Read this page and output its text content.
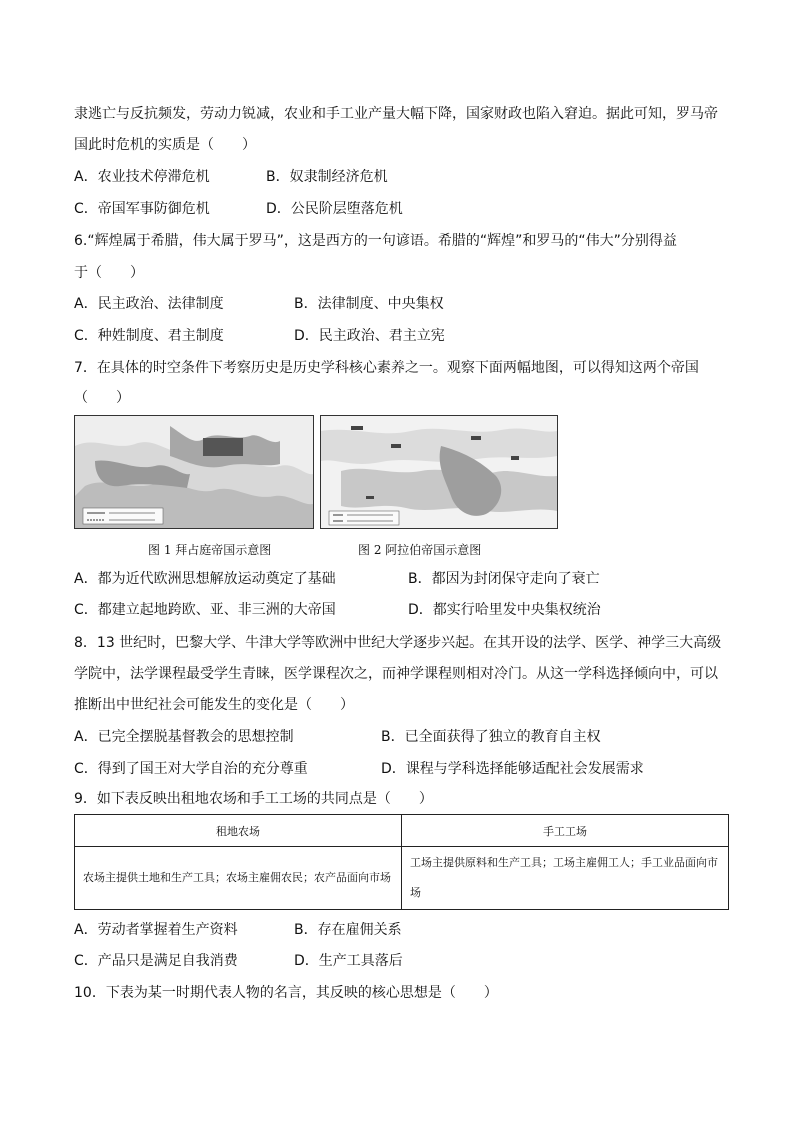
隶逃亡与反抗频发，劳动力锐减，农业和手工业产量大幅下降，国家财政也陷入窘迫。据此可知，罗马帝
国此时危机的实质是（　　）
A．农业技术停滞危机	B．奴隶制经济危机
C．帝国军事防御危机	D．公民阶层堕落危机
6.“辉煌属于希腊，伟大属于罗马”，这是西方的一句谚语。希腊的“辉煌”和罗马的“伟大”分别得益
于（　　）
A．民主政治、法律制度	B．法律制度、中央集权
C．种姓制度、君主制度	D．民主政治、君主立宪
7．在具体的时空条件下考察历史是历史学科核心素养之一。观察下面两幅地图，可以得知这两个帝国
（　　）
图 1 拜占庭帝国示意图	图 2 阿拉伯帝国示意图
A．都为近代欧洲思想解放运动奠定了基础	B．都因为封闭保守走向了衰亡
C．都建立起地跨欧、亚、非三洲的大帝国	D．都实行哈里发中央集权统治
8．13 世纪时，巴黎大学、牛津大学等欧洲中世纪大学逐步兴起。在其开设的法学、医学、神学三大高级
学院中，法学课程最受学生青睐，医学课程次之，而神学课程则相对冷门。从这一学科选择倾向中，可以
推断出中世纪社会可能发生的变化是（　　）
A．已完全摆脱基督教会的思想控制	B．已全面获得了独立的教育自主权
C．得到了国王对大学自治的充分尊重	D．课程与学科选择能够适配社会发展需求
9．如下表反映出租地农场和手工工场的共同点是（　　）
租地农场	手工工场
农场主提供土地和生产工具；农场主雇佣农民；农产品面向市场	工场主提供原料和生产工具；工场主雇佣工人；手工业品面向市场
A．劳动者掌握着生产资料	B．存在雇佣关系
C．产品只是满足自我消费	D．生产工具落后
10．下表为某一时期代表人物的名言，其反映的核心思想是（　　）
